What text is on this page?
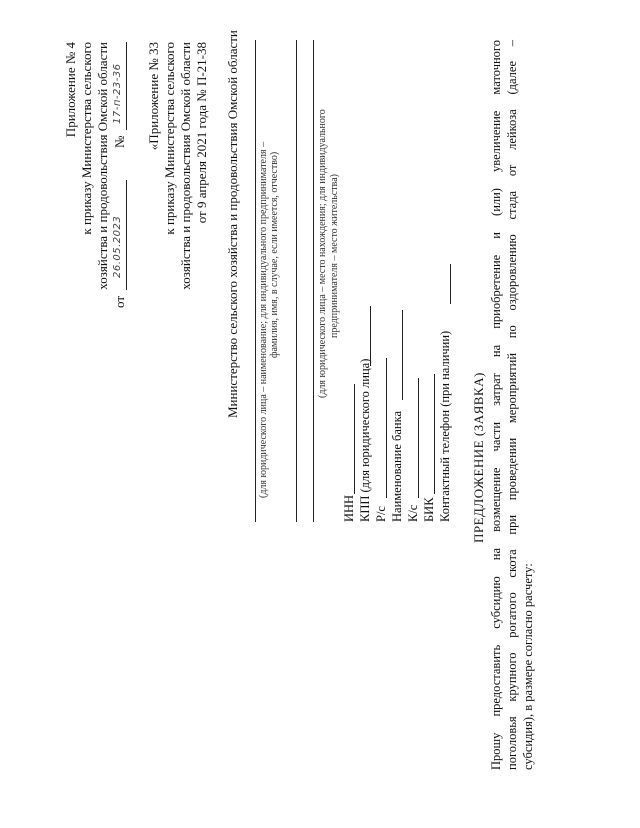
Приложение № 4 к приказу Министерства сельского хозяйства и продовольствия Омской области
от
26.05.2023
№
17-п-23-36 «Приложение № 33 к приказу Министерства сельского хозяйства и продовольствия Омской области от 9 апреля 2021 года № П-21-38 Министерство сельского хозяйства и продовольствия Омской области (для юридического лица – наименование; для индивидуального предпринимателя – фамилия, имя, в случае, если имеется, отчество)	(для юридического лица – место нахождения; для индивидуального предпринимателя – место жительства)
ИНН КПП (для юридического лица) Р/с Наименование банка К/с БИК Контактный телефон (при наличии) ПРЕДЛОЖЕНИЕ (ЗАЯВКА) Прошу предоставить субсидию на возмещение части затрат на приобретение и (или) увеличение маточного поголовья крупного рогатого скота при проведении мероприятий по оздоровлению стада от лейкоза (далее – субсидия), в размере согласно расчету:
